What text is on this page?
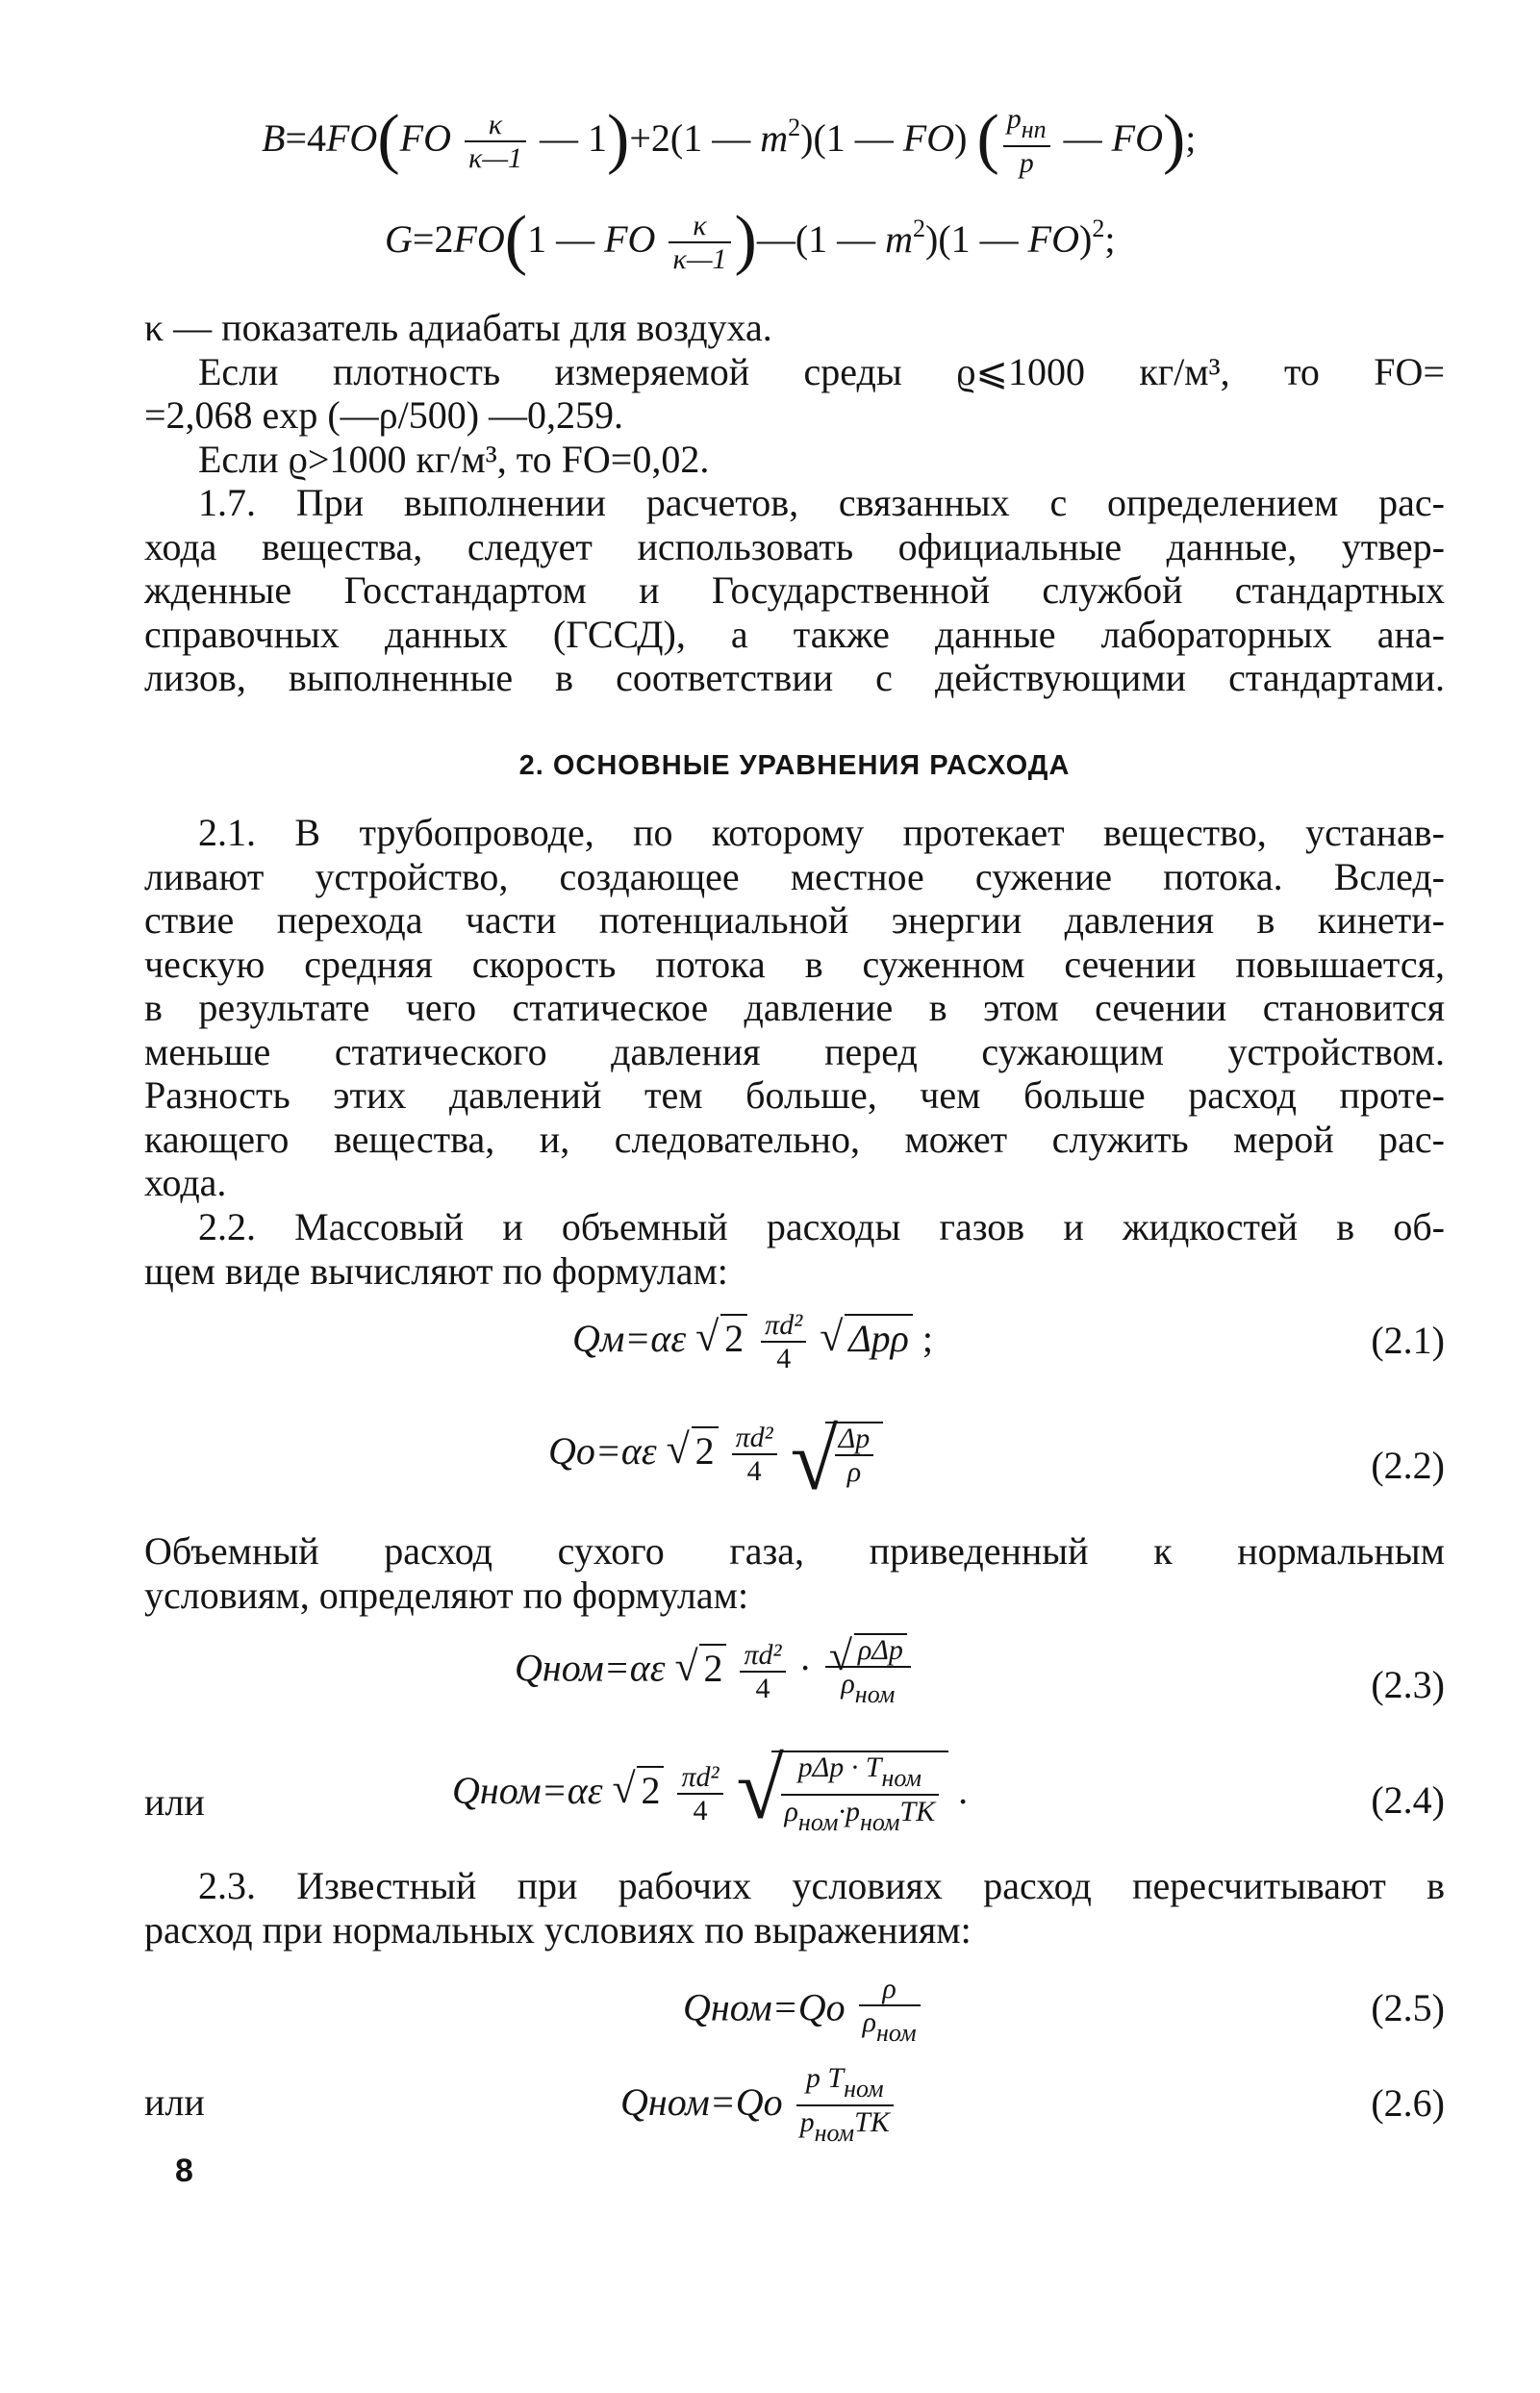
$B=4FO(FO \frac{\kappa}{\kappa—1}$ — 1)+2(1 — $m^2)(1$ — FO) ( $\frac{\text{pнп}}{p}$ — FO);
G=2FO(1 — FO $\frac{\kappa}{\kappa—1}$ )—(1 — $m^2)(1$ — FO)$^2$;
κ — показатель адиабаты для воздуха.
Если плотность измеряемой среды ϱ⩽1000 кг/м³, то FO=
=2,068 exp (—ρ/500) —0,259.
Если ϱ>1000 кг/м³, то FO=0,02.
1.7. При выполнении расчетов, связанных с определением рас-
хода вещества, следует использовать официальные данные, утвер-
жденные Госстандартом и Государственной службой стандартных
справочных данных (ГССД), а также данные лабораторных ана-
лизов, выполненные в соответствии с действующими стандартами.
2. ОСНОВНЫЕ УРАВНЕНИЯ РАСХОДА
2.1. В трубопроводе, по которому протекает вещество, устанав-
ливают устройство, создающее местное сужение потока. Вслед-
ствие перехода части потенциальной энергии давления в кинети-
ческую средняя скорость потока в суженном сечении повышается,
в результате чего статическое давление в этом сечении становится
меньше статического давления перед сужающим устройством.
Разность этих давлений тем больше, чем больше расход проте-
кающего вещества, и, следовательно, может служить мерой рас-
хода.
2.2. Массовый и объемный расходы газов и жидкостей в об-
щем виде вычисляют по формулам:
Qм=αε √ $2 \frac{\text{πd²}}{4}$
√ Δpρ ;	(2.1)
Qо=αε √ $2 \frac{\text{πd²}}{4}$
√
$\frac{\Delta p}{\rho}$	(2.2)
Объемный расход сухого газа, приведенный к нормальным
условиям, определяют по формулам:
Qном=αε √ $2 \frac{\text{πd²}}{4} \cdot \frac{\text{√ ρΔp}}{\text{ρном}}$	(2.3)
или	Qном=αε √ $2 \frac{\text{πd²}}{4}$
√
$\frac{\text{pΔp · Tном}}{\text{ρном·pномTK}}$ .	(2.4)
2.3. Известный при рабочих условиях расход пересчитывают в
расход при нормальных условиях по выражениям:
Qном=Qо $\frac{\rho}{\text{ρном}}$	(2.5)
или	Qном=Qо $\frac{\text{p Tном}}{\text{pномTK}}$	(2.6)
8
